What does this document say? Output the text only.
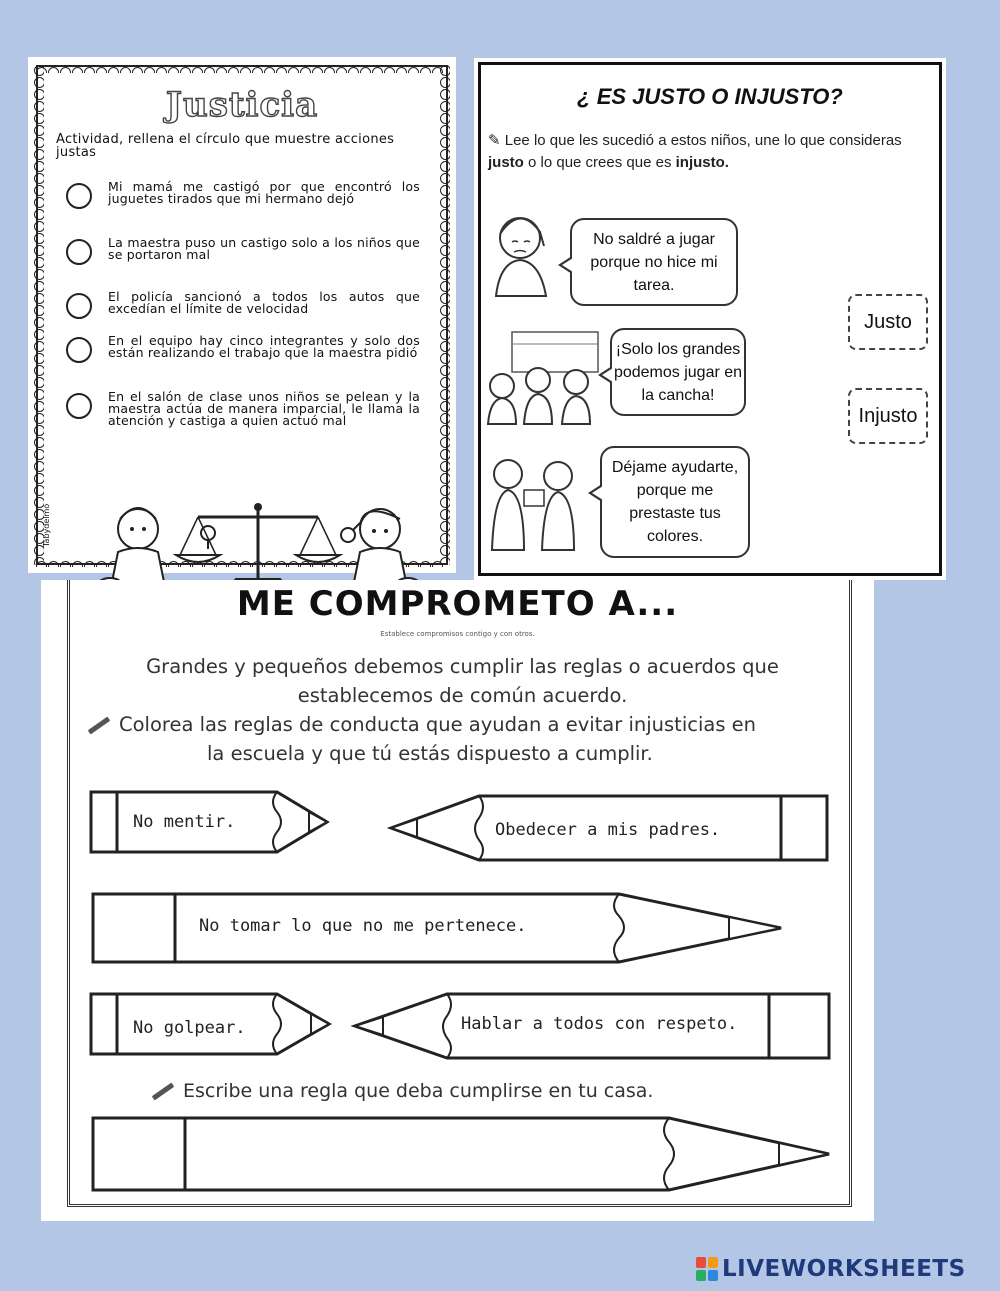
Justicia

Actividad, rellena el círculo que muestre acciones justas

Mi mamá me castigó por que encontró los juguetes tirados que mi hermano dejó
La maestra puso un castigo solo a los niños que se portaron mal
El policía sancionó a todos los autos que excedían el límite de velocidad
En el equipo hay cinco integrantes y solo dos están realizando el trabajo que la maestra pidió
En el salón de clase unos niños se pelean y la maestra actúa de manera imparcial, le llama la atención y castiga a quien actuó mal
Tabydelmo
¿ ES JUSTO O INJUSTO?

✎ Lee lo que les sucedió a estos niños, une lo que consideras justo o lo que crees que es injusto.

No saldré a jugar porque no hice mi tarea.
¡Solo los grandes podemos jugar en la cancha!
Déjame ayudarte, porque me prestaste tus colores.
Justo
Injusto
ME COMPROMETO A...
Establece compromisos contigo y con otros.

Grandes y pequeños debemos cumplir las reglas o acuerdos que establecemos de común acuerdo.

Colorea las reglas de conducta que ayudan a evitar injusticias en
la escuela y que tú estás dispuesto a cumplir.

No mentir.	Obedecer a mis padres.
No tomar lo que no me pertenece.
No golpear.	Hablar a todos con respeto.

Escribe una regla que deba cumplirse en tu casa.

LIVEWORKSHEETS
